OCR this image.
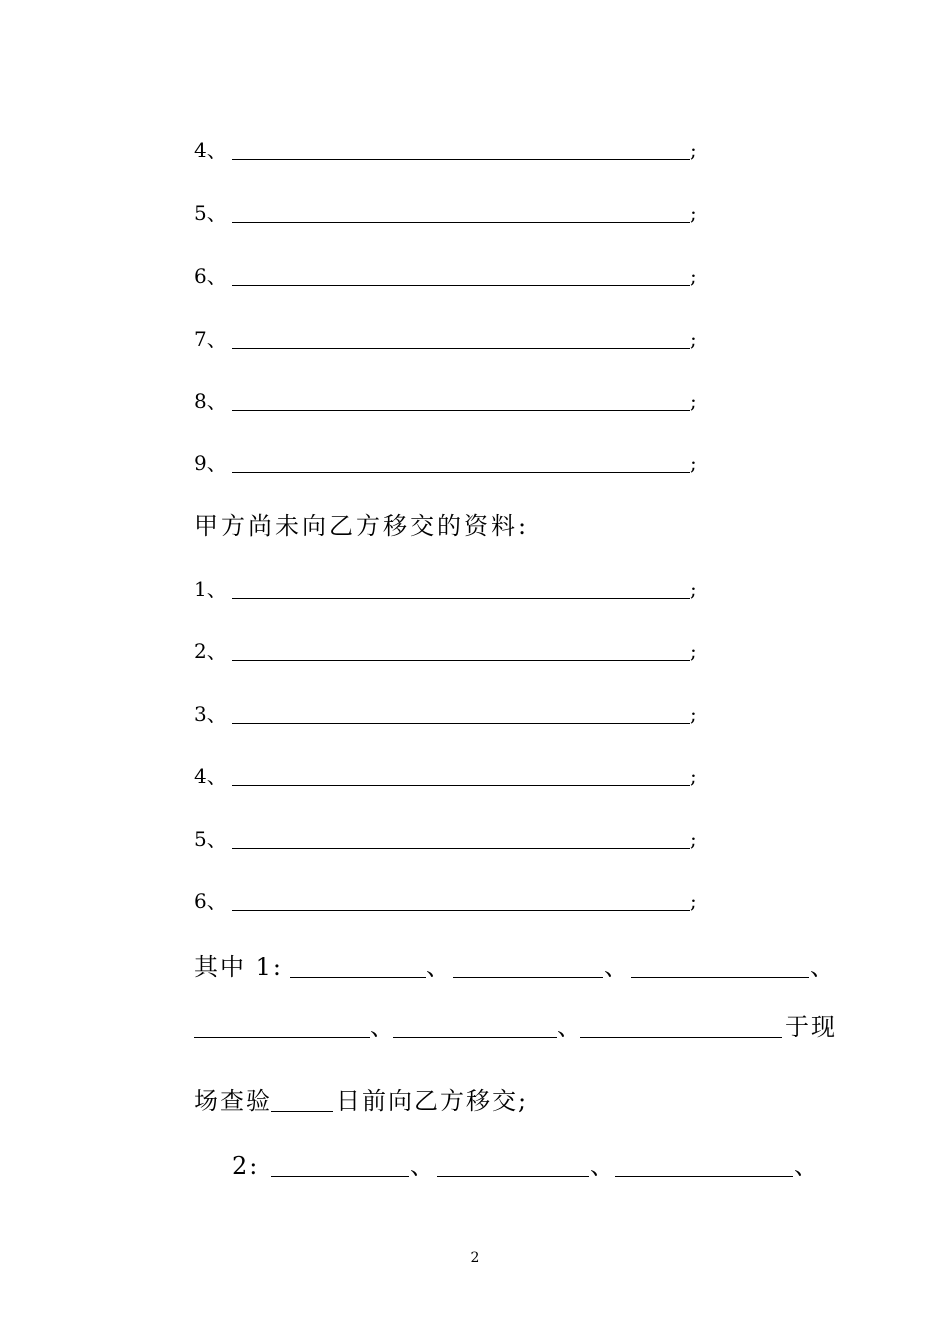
4、	;
5、	;
6、	;
7、	;
8、	;
9、	;
甲方尚未向乙方移交的资料:
1、	;
2、	;
3、	;
4、	;
5、	;
6、	;
其中 1:	、	、	、
、	、	于现
场查验	日前向乙方移交;
2:	、	、	、
2
